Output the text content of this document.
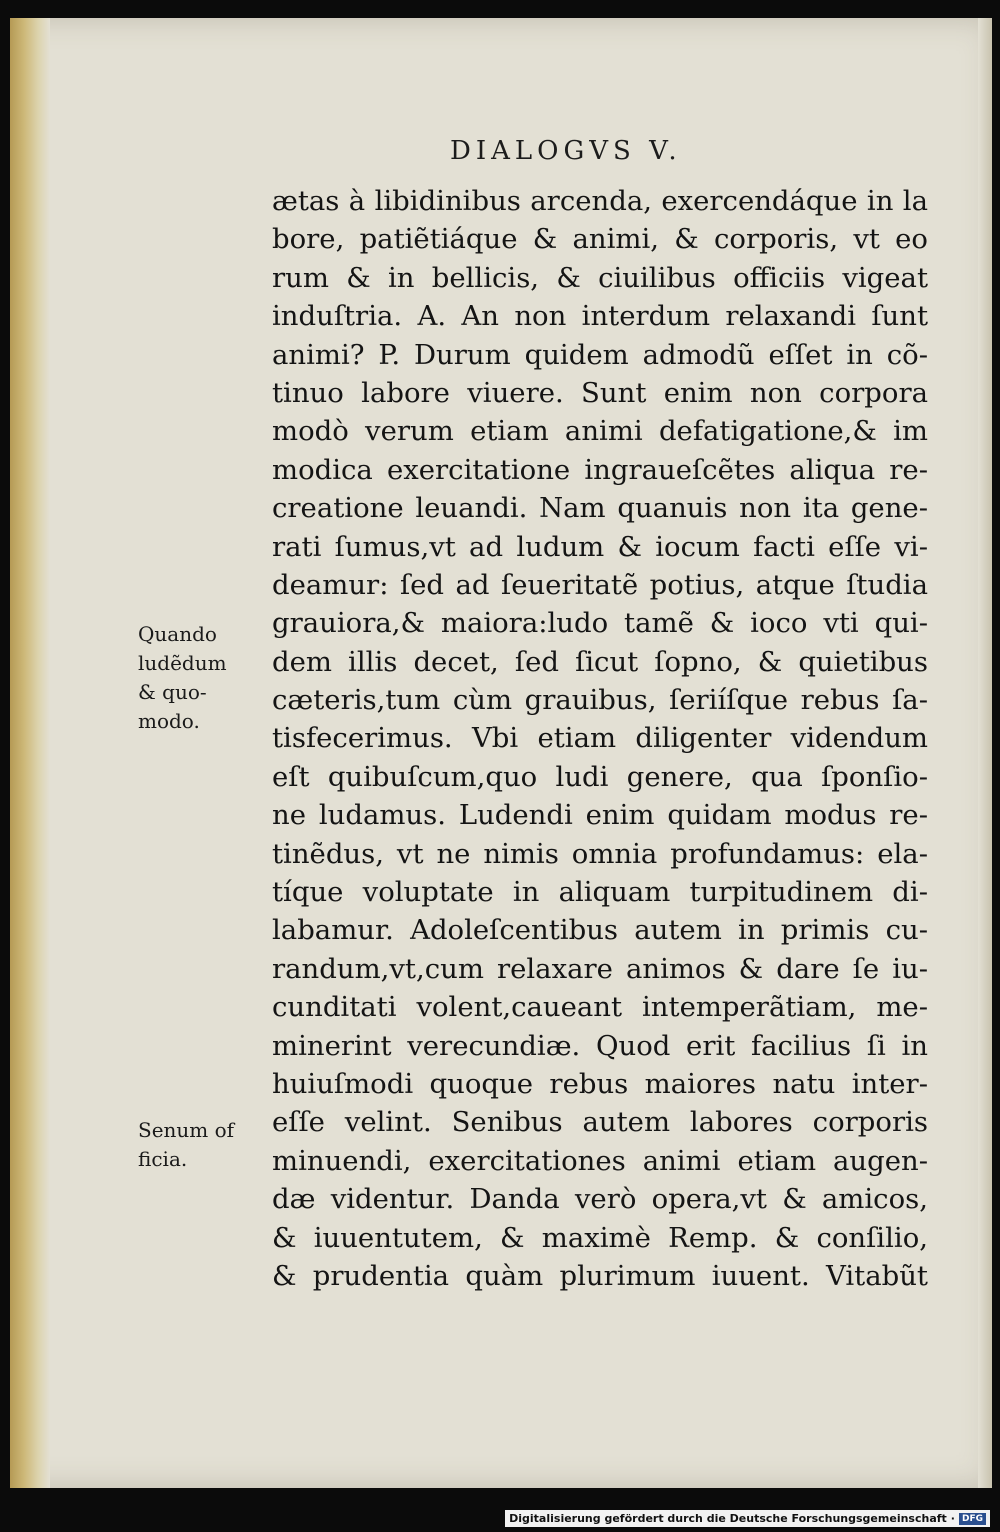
DIALOGVS V.
ætas à libidinibus arcenda, exercendáque in la
bore, patiẽtiáque & animi, & corporis, vt eo
rum & in bellicis, & ciuilibus officiis vigeat
induſtria. A. An non interdum relaxandi ſunt
animi? P. Durum quidem admodũ eſſet in cõ-
tinuo labore viuere. Sunt enim non corpora
modò verum etiam animi defatigatione,& im
modica exercitatione ingraueſcẽtes aliqua re-
creatione leuandi. Nam quanuis non ita gene-
rati ſumus,vt ad ludum & iocum facti eſſe vi-
deamur: ſed ad ſeueritatẽ potius, atque ſtudia
grauiora,& maiora:ludo tamẽ & ioco vti qui-
dem illis decet, ſed ſicut ſopno, & quietibus
cæteris,tum cùm grauibus, ſeriíſque rebus ſa-
tisfecerimus. Vbi etiam diligenter videndum
eſt quibuſcum,quo ludi genere, qua ſponſio-
ne ludamus. Ludendi enim quidam modus re-
tinẽdus, vt ne nimis omnia profundamus: ela-
tíque voluptate in aliquam turpitudinem di-
labamur. Adoleſcentibus autem in primis cu-
randum,vt,cum relaxare animos & dare ſe iu-
cunditati volent,caueant intemperãtiam, me-
minerint verecundiæ. Quod erit facilius ſi in
huiuſmodi quoque rebus maiores natu inter-
eſſe velint. Senibus autem labores corporis
minuendi, exercitationes animi etiam augen-
dæ videntur. Danda verò opera,vt & amicos,
& iuuentutem, & maximè Remp. & conſilio,
& prudentia quàm plurimum iuuent. Vitabũt
Quando
ludẽdum
& quo-
modo.
Senum of
ficia.
Digitalisierung gefördert durch die Deutsche Forschungsgemeinschaft · DFG
